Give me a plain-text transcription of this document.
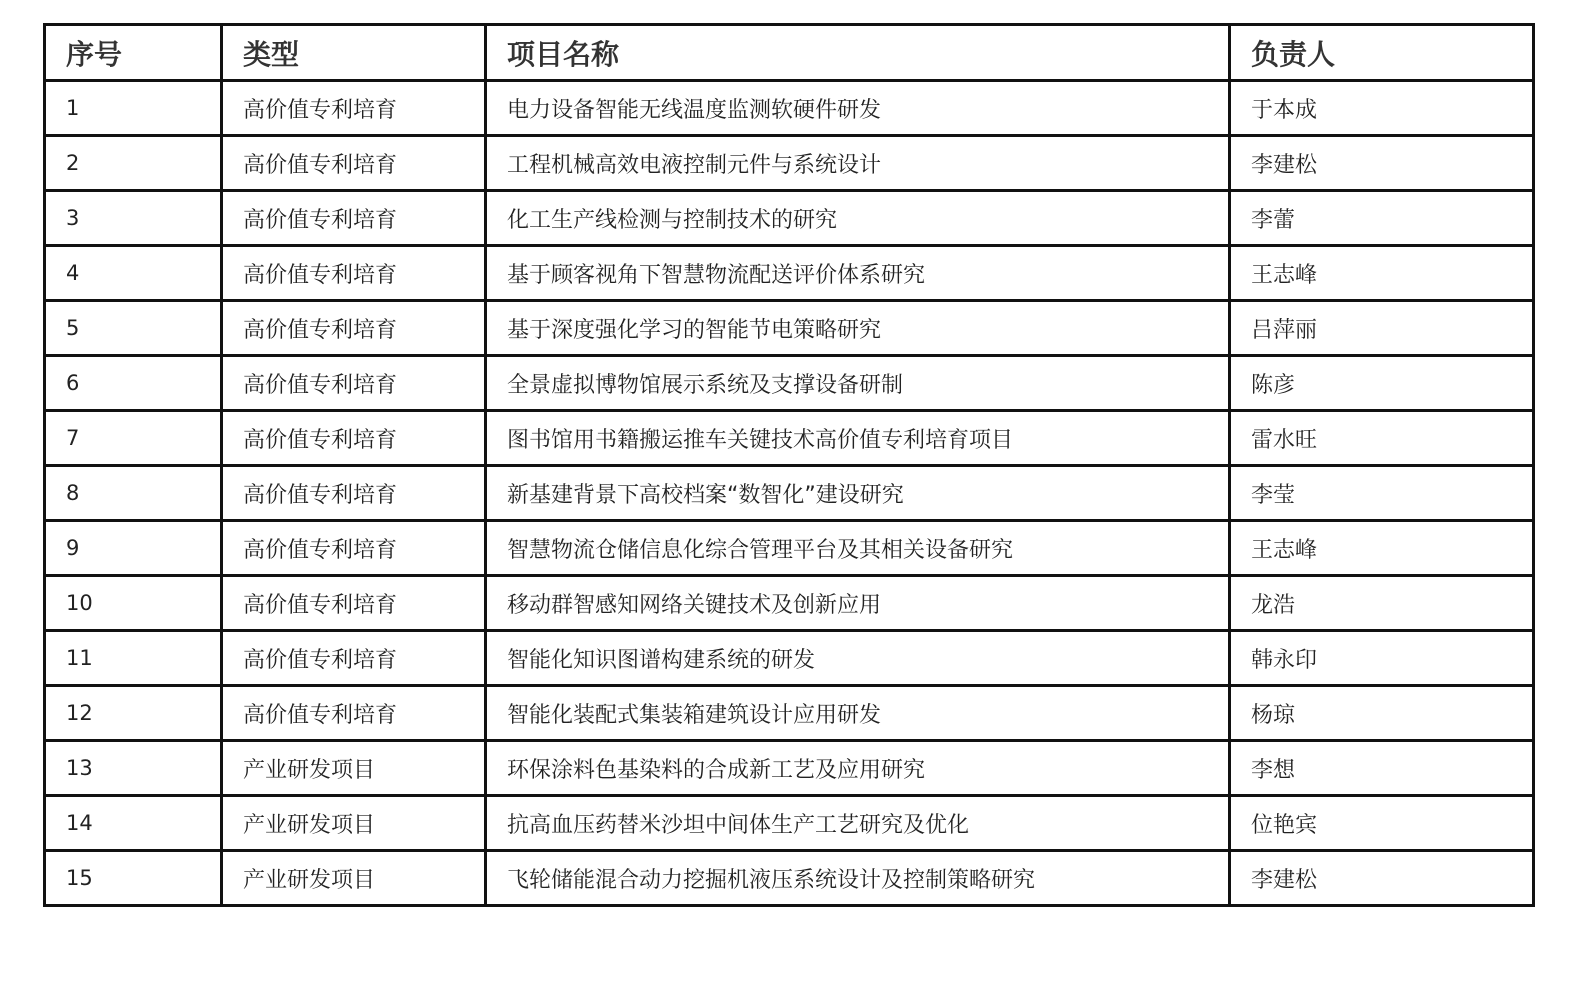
序号	类型	项目名称	负责人
1	高价值专利培育	电力设备智能无线温度监测软硬件研发	于本成
2	高价值专利培育	工程机械高效电液控制元件与系统设计	李建松
3	高价值专利培育	化工生产线检测与控制技术的研究	李蕾
4	高价值专利培育	基于顾客视角下智慧物流配送评价体系研究	王志峰
5	高价值专利培育	基于深度强化学习的智能节电策略研究	吕萍丽
6	高价值专利培育	全景虚拟博物馆展示系统及支撑设备研制	陈彦
7	高价值专利培育	图书馆用书籍搬运推车关键技术高价值专利培育项目	雷水旺
8	高价值专利培育	新基建背景下高校档案“数智化”建设研究	李莹
9	高价值专利培育	智慧物流仓储信息化综合管理平台及其相关设备研究	王志峰
10	高价值专利培育	移动群智感知网络关键技术及创新应用	龙浩
11	高价值专利培育	智能化知识图谱构建系统的研发	韩永印
12	高价值专利培育	智能化装配式集装箱建筑设计应用研发	杨琼
13	产业研发项目	环保涂料色基染料的合成新工艺及应用研究	李想
14	产业研发项目	抗高血压药替米沙坦中间体生产工艺研究及优化	位艳宾
15	产业研发项目	飞轮储能混合动力挖掘机液压系统设计及控制策略研究	李建松
